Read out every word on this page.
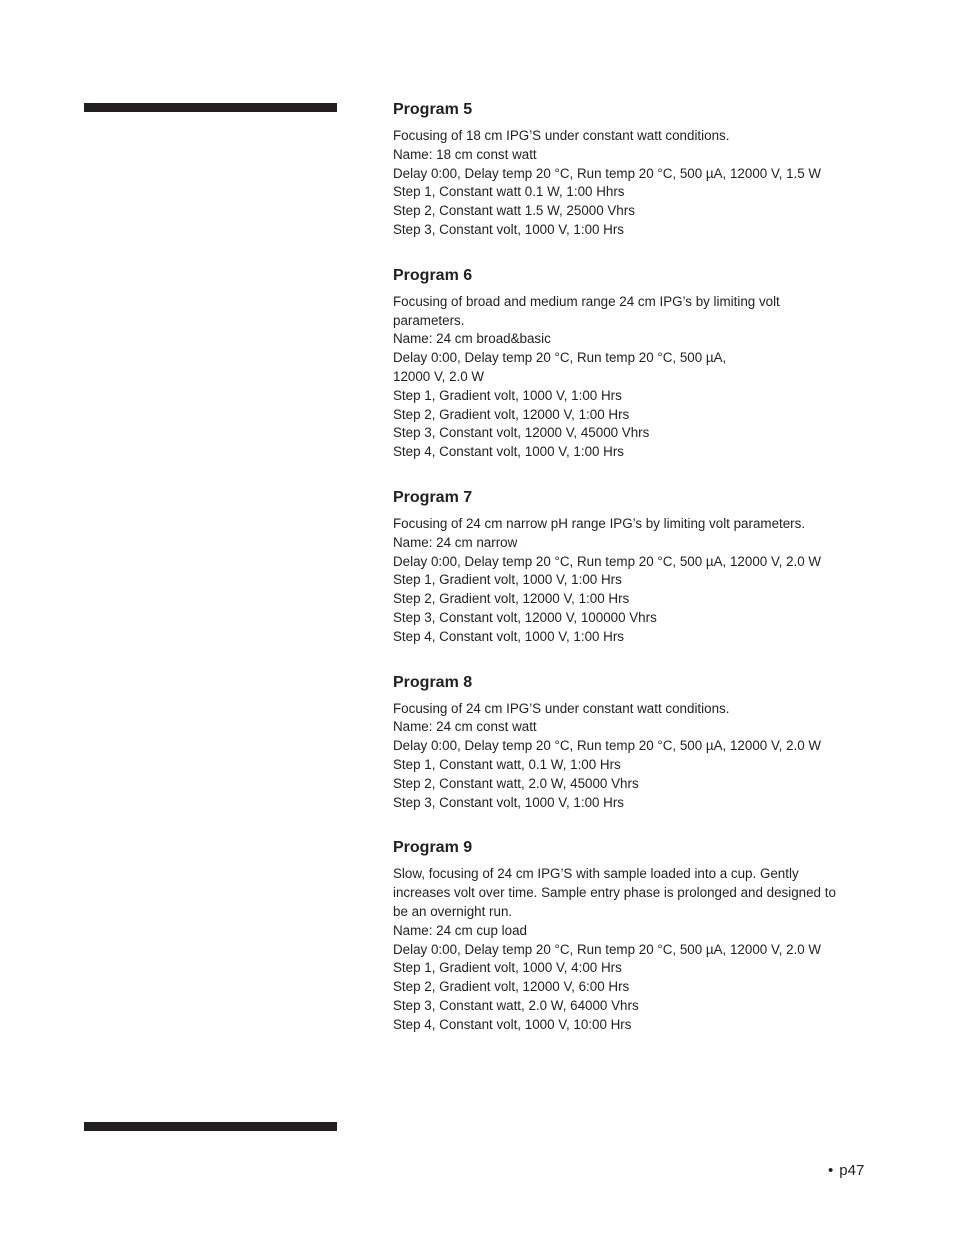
Program 5

Focusing of 18 cm IPG’S under constant watt conditions.

Name: 18 cm const watt

Delay 0:00, Delay temp 20 °C, Run temp 20 °C, 500 µA, 12000 V, 1.5 W

Step 1, Constant watt 0.1 W, 1:00 Hhrs

Step 2, Constant watt 1.5 W, 25000 Vhrs

Step 3, Constant volt, 1000 V, 1:00 Hrs

Program 6

Focusing of broad and medium range 24 cm IPG’s by limiting volt

parameters.

Name: 24 cm broad&basic

Delay 0:00, Delay temp 20 °C, Run temp 20 °C, 500 µA,

12000 V, 2.0 W

Step 1, Gradient volt, 1000 V, 1:00 Hrs

Step 2, Gradient volt, 12000 V, 1:00 Hrs

Step 3, Constant volt, 12000 V, 45000 Vhrs

Step 4, Constant volt, 1000 V, 1:00 Hrs

Program 7

Focusing of 24 cm narrow pH range IPG’s by limiting volt parameters.

Name: 24 cm narrow

Delay 0:00, Delay temp 20 °C, Run temp 20 °C, 500 µA, 12000 V, 2.0 W

Step 1, Gradient volt, 1000 V, 1:00 Hrs

Step 2, Gradient volt, 12000 V, 1:00 Hrs

Step 3, Constant volt, 12000 V, 100000 Vhrs

Step 4, Constant volt, 1000 V, 1:00 Hrs

Program 8

Focusing of 24 cm IPG’S under constant watt conditions.

Name: 24 cm const watt

Delay 0:00, Delay temp 20 °C, Run temp 20 °C, 500 µA, 12000 V, 2.0 W

Step 1, Constant watt, 0.1 W, 1:00 Hrs

Step 2, Constant watt, 2.0 W, 45000 Vhrs

Step 3, Constant volt, 1000 V, 1:00 Hrs

Program 9

Slow, focusing of 24 cm IPG’S with sample loaded into a cup. Gently

increases volt over time. Sample entry phase is prolonged and designed to

be an overnight run.

Name: 24 cm cup load

Delay 0:00, Delay temp 20 °C, Run temp 20 °C, 500 µA, 12000 V, 2.0 W

Step 1, Gradient volt, 1000 V, 4:00 Hrs

Step 2, Gradient volt, 12000 V, 6:00 Hrs

Step 3, Constant watt, 2.0 W, 64000 Vhrs

Step 4, Constant volt, 1000 V, 10:00 Hrs

• p47
